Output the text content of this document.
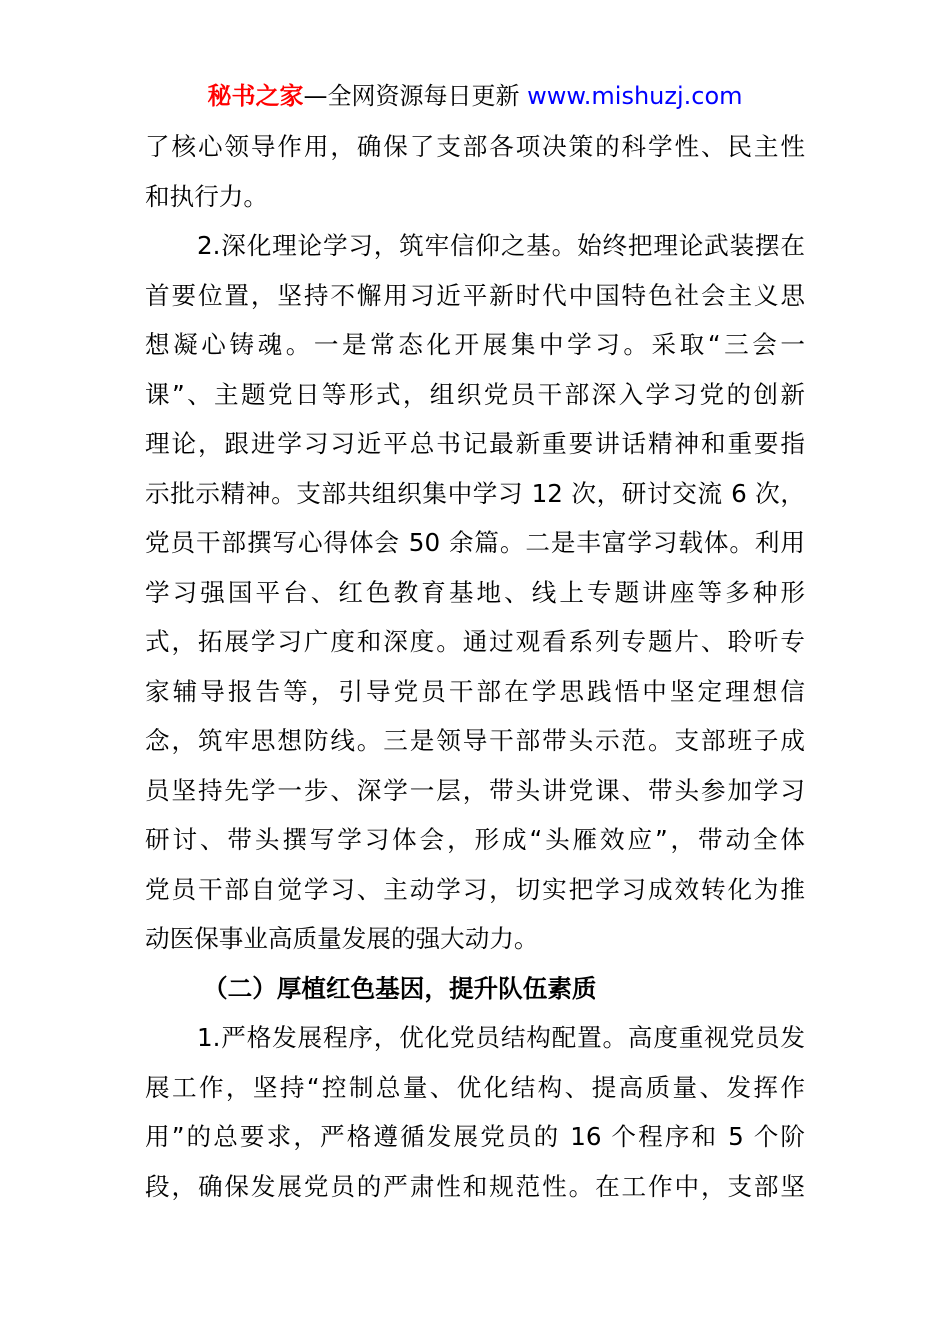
秘书之家—全网资源每日更新 www.mishuzj.com
了核心领导作用，确保了支部各项决策的科学性、民主性
和执行力。
2.深化理论学习，筑牢信仰之基。始终把理论武装摆在
首要位置，坚持不懈用习近平新时代中国特色社会主义思
想凝心铸魂。一是常态化开展集中学习。采取“三会一
课”、主题党日等形式，组织党员干部深入学习党的创新
理论，跟进学习习近平总书记最新重要讲话精神和重要指
示批示精神。支部共组织集中学习 12 次，研讨交流 6 次，
党员干部撰写心得体会 50 余篇。二是丰富学习载体。利用
学习强国平台、红色教育基地、线上专题讲座等多种形
式，拓展学习广度和深度。通过观看系列专题片、聆听专
家辅导报告等，引导党员干部在学思践悟中坚定理想信
念，筑牢思想防线。三是领导干部带头示范。支部班子成
员坚持先学一步、深学一层，带头讲党课、带头参加学习
研讨、带头撰写学习体会，形成“头雁效应”，带动全体
党员干部自觉学习、主动学习，切实把学习成效转化为推
动医保事业高质量发展的强大动力。
（二）厚植红色基因，提升队伍素质
1.严格发展程序，优化党员结构配置。高度重视党员发
展工作，坚持“控制总量、优化结构、提高质量、发挥作
用”的总要求，严格遵循发展党员的 16 个程序和 5 个阶
段，确保发展党员的严肃性和规范性。在工作中，支部坚
